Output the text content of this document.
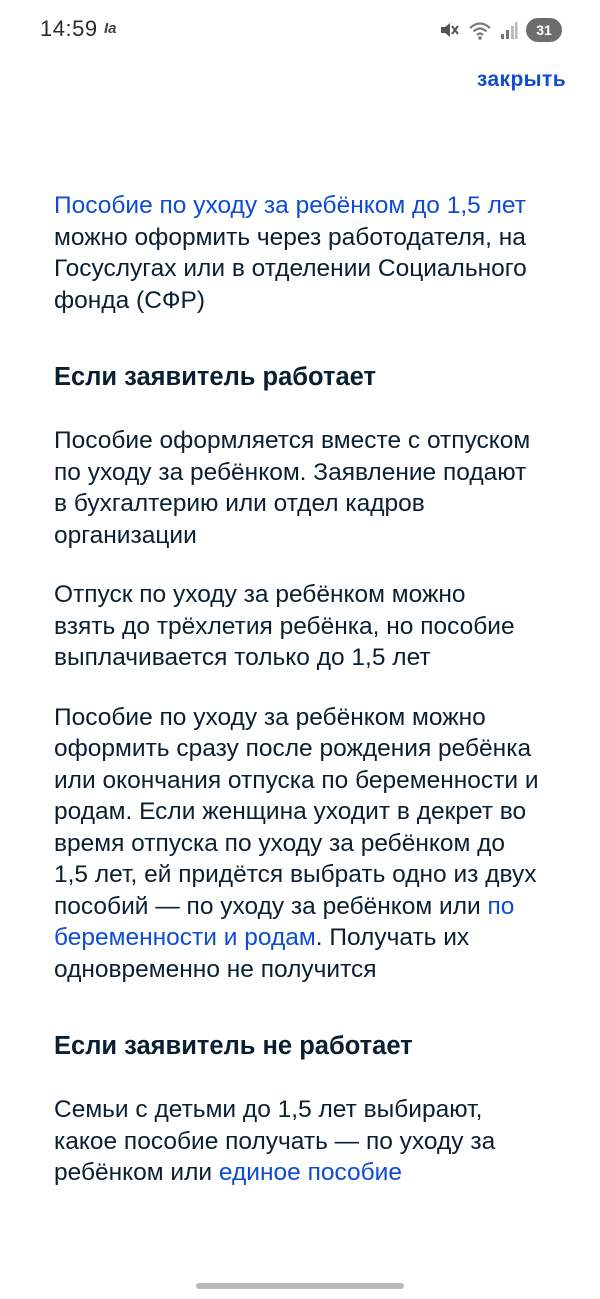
14:59 Ia	31
закрыть

Пособие по уходу за ребёнком до 1,5 лет можно оформить через работодателя, на Госуслугах или в отделении Социального фонда (СФР)

Если заявитель работает

Пособие оформляется вместе с отпуском по уходу за ребёнком. Заявление подают в бухгалтерию или отдел кадров организации

Отпуск по уходу за ребёнком можно взять до трёхлетия ребёнка, но пособие выплачивается только до 1,5 лет

Пособие по уходу за ребёнком можно оформить сразу после рождения ребёнка или окончания отпуска по беременности и родам. Если женщина уходит в декрет во время отпуска по уходу за ребёнком до 1,5 лет, ей придётся выбрать одно из двух пособий — по уходу за ребёнком или по беременности и родам. Получать их одновременно не получится

Если заявитель не работает

Семьи с детьми до 1,5 лет выбирают, какое пособие получать — по уходу за ребёнком или единое пособие
